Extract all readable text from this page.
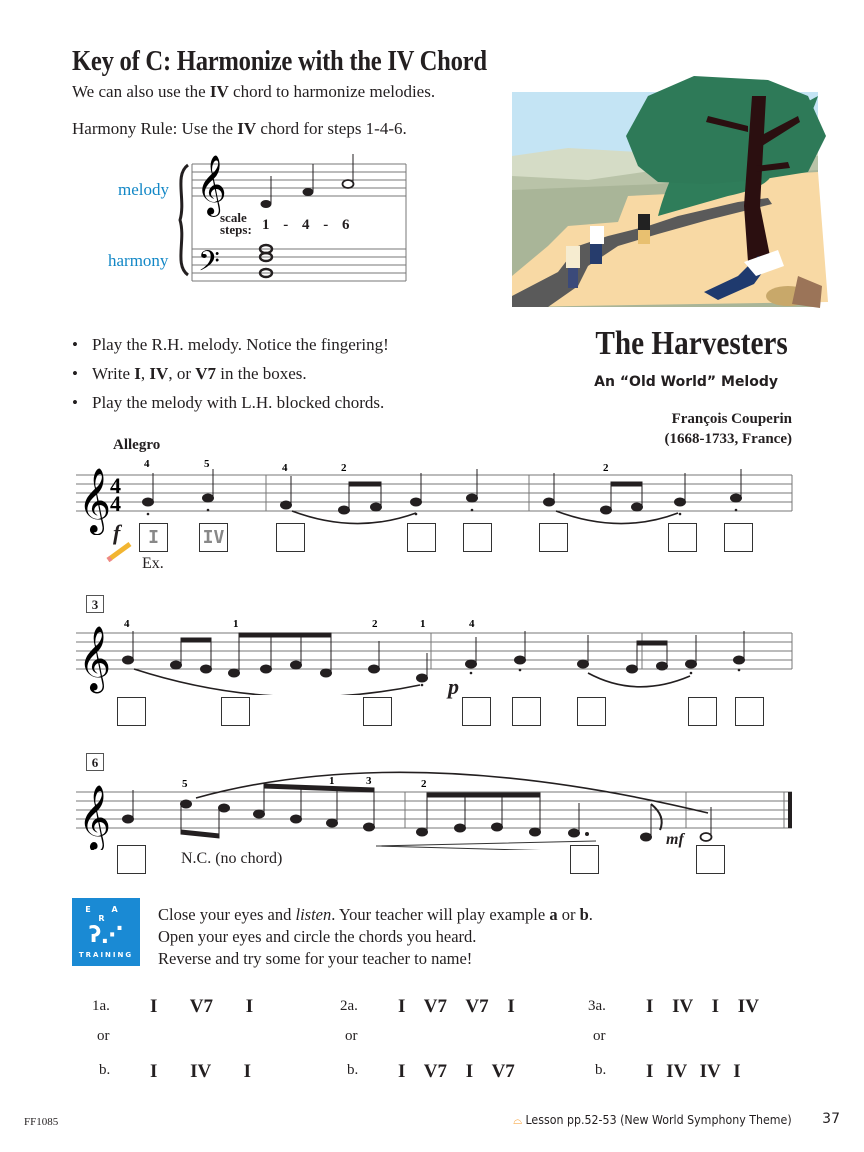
Key of C: Harmonize with the IV Chord
We can also use the IV chord to harmonize melodies.
Harmony Rule: Use the IV chord for steps 1-4-6.
melody
harmony
𝄞
𝄢
scale
steps: 1 - 4 - 6
• Play the R.H. melody. Notice the fingering!
• Write I, IV, or V7 in the boxes.
• Play the melody with L.H. blocked chords.
The Harvesters
An “Old World” Melody
François Couperin
(1668-1733, France)
Allegro
𝄞
4
4
4	5	4	2	2
f
Ex.
I	IV
3
𝄞
4	1	2	1	4
p
6
𝄞
5	1	3	2
mf
N.C. (no chord)
E A R
ʔ⋰
TRAINING
Close your eyes and listen. Your teacher will play example a or b.
Open your eyes and circle the chords you heard.
Reverse and try some for your teacher to name!
1a. I V7 I
or
b. I IV I
2a. I V7 V7 I
or
b. I V7 I V7
3a. I IV I IV
or
b. I IV IV I
FF1085	⌓ Lesson pp.52-53 (New World Symphony Theme) 37
